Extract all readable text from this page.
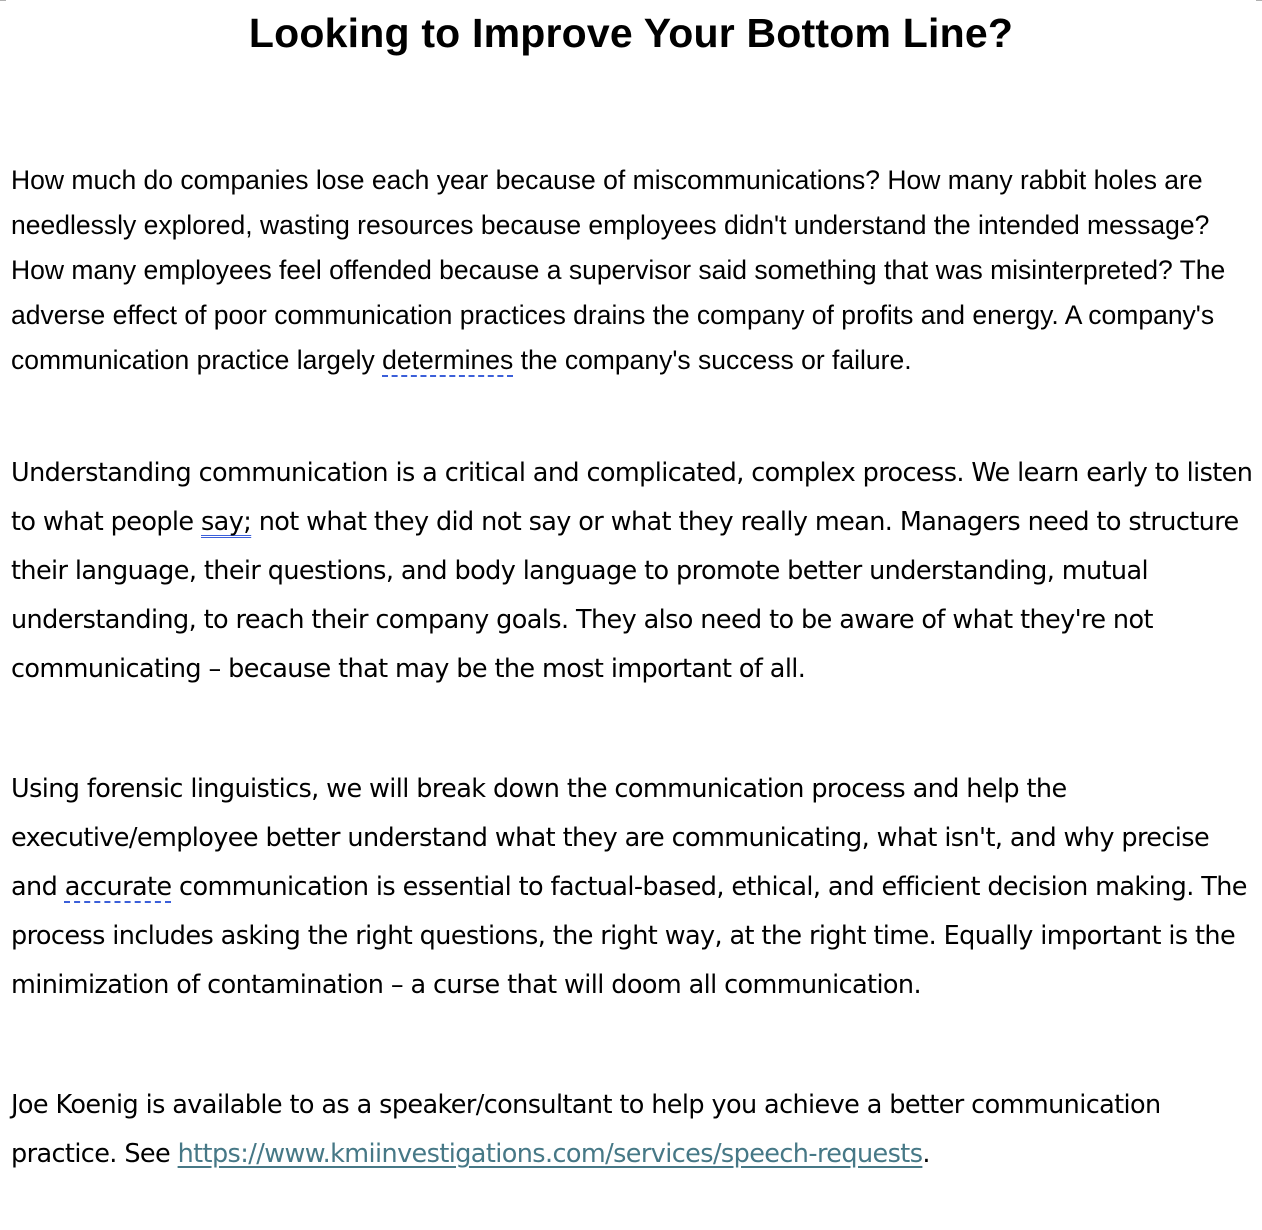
Looking to Improve Your Bottom Line?

How much do companies lose each year because of miscommunications? How many rabbit holes are needlessly explored, wasting resources because employees didn't understand the intended message? How many employees feel offended because a supervisor said something that was misinterpreted? The adverse effect of poor communication practices drains the company of profits and energy. A company's communication practice largely determines the company's success or failure.

Understanding communication is a critical and complicated, complex process. We learn early to listen to what people say; not what they did not say or what they really mean. Managers need to structure their language, their questions, and body language to promote better understanding, mutual understanding, to reach their company goals. They also need to be aware of what they're not communicating – because that may be the most important of all.

Using forensic linguistics, we will break down the communication process and help the executive/employee better understand what they are communicating, what isn't, and why precise and accurate communication is essential to factual-based, ethical, and efficient decision making. The process includes asking the right questions, the right way, at the right time. Equally important is the minimization of contamination – a curse that will doom all communication.

Joe Koenig is available to as a speaker/consultant to help you achieve a better communication practice. See https://www.kmiinvestigations.com/services/speech-requests.
